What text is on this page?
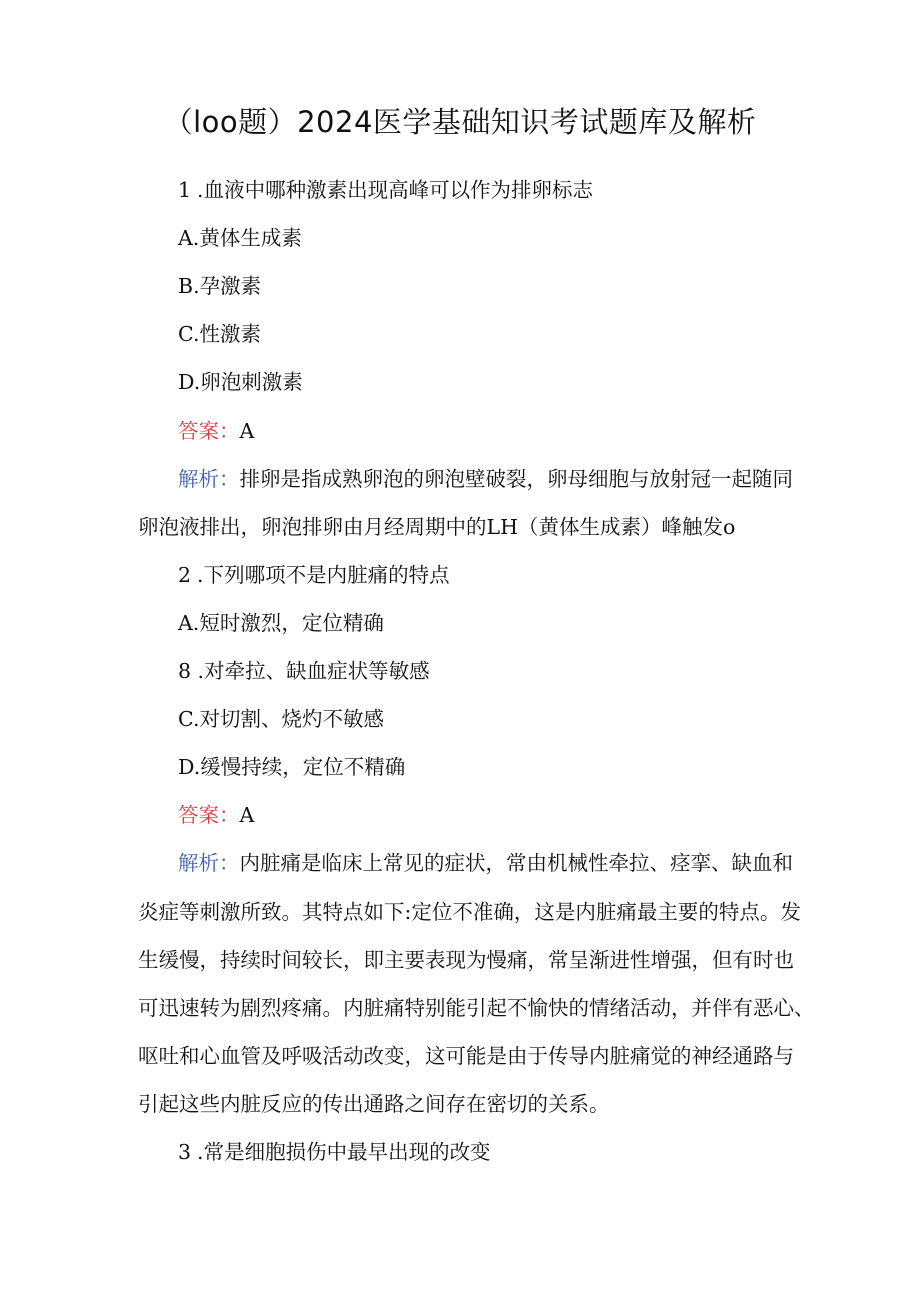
（loo题）2024医学基础知识考试题库及解析
1 .血液中哪种激素出现高峰可以作为排卵标志
A.黄体生成素
B.孕激素
C.性激素
D.卵泡刺激素
答案：A
解析：排卵是指成熟卵泡的卵泡壁破裂，卵母细胞与放射冠一起随同
卵泡液排出，卵泡排卵由月经周期中的LH（黄体生成素）峰触发o
2 .下列哪项不是内脏痛的特点
A.短时激烈，定位精确
8 .对牵拉、缺血症状等敏感
C.对切割、烧灼不敏感
D.缓慢持续，定位不精确
答案：A
解析：内脏痛是临床上常见的症状，常由机械性牵拉、痉挛、缺血和
炎症等刺激所致。其特点如下:定位不准确，这是内脏痛最主要的特点。发
生缓慢，持续时间较长，即主要表现为慢痛，常呈渐进性增强，但有时也
可迅速转为剧烈疼痛。内脏痛特别能引起不愉快的情绪活动，并伴有恶心、
呕吐和心血管及呼吸活动改变，这可能是由于传导内脏痛觉的神经通路与
引起这些内脏反应的传出通路之间存在密切的关系。
3 .常是细胞损伤中最早出现的改变
